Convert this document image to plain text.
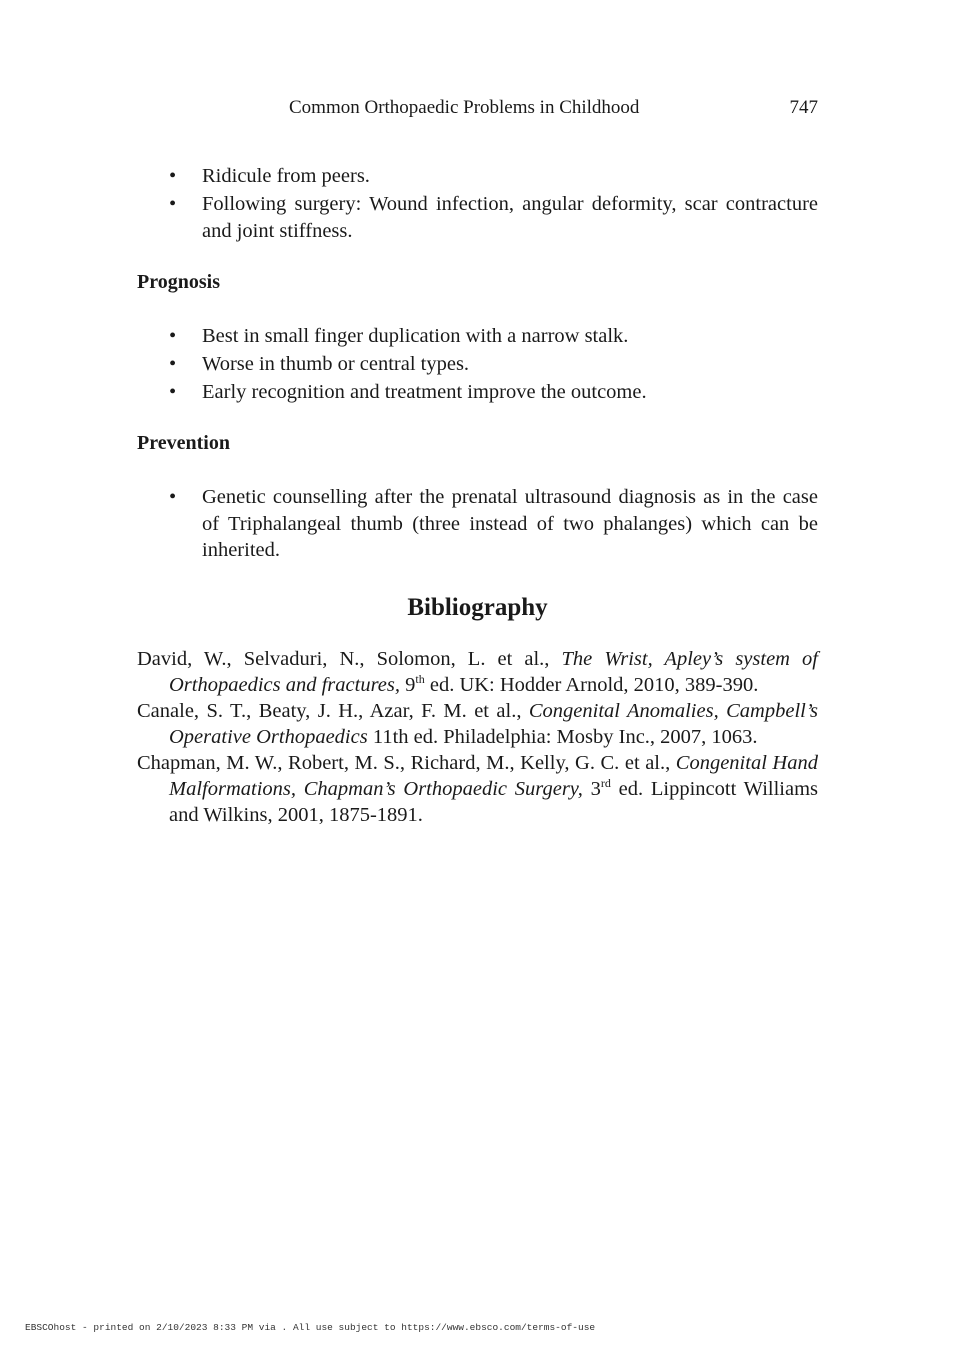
Common Orthopaedic Problems in Childhood	747
• Ridicule from peers.
• Following surgery: Wound infection, angular deformity, scar contracture and joint stiffness.
Prognosis
• Best in small finger duplication with a narrow stalk.
• Worse in thumb or central types.
• Early recognition and treatment improve the outcome.
Prevention
• Genetic counselling after the prenatal ultrasound diagnosis as in the case of Triphalangeal thumb (three instead of two phalanges) which can be inherited.
Bibliography
David, W., Selvaduri, N., Solomon, L. et al., The Wrist, Apley’s system of Orthopaedics and fractures, 9th ed. UK: Hodder Arnold, 2010, 389-390.
Canale, S. T., Beaty, J. H., Azar, F. M. et al., Congenital Anomalies, Campbell’s Operative Orthopaedics 11th ed. Philadelphia: Mosby Inc., 2007, 1063.
Chapman, M. W., Robert, M. S., Richard, M., Kelly, G. C. et al., Congenital Hand Malformations, Chapman’s Orthopaedic Surgery, 3rd ed. Lippincott Williams and Wilkins, 2001, 1875-1891.
EBSCOhost - printed on 2/10/2023 8:33 PM via . All use subject to https://www.ebsco.com/terms-of-use
